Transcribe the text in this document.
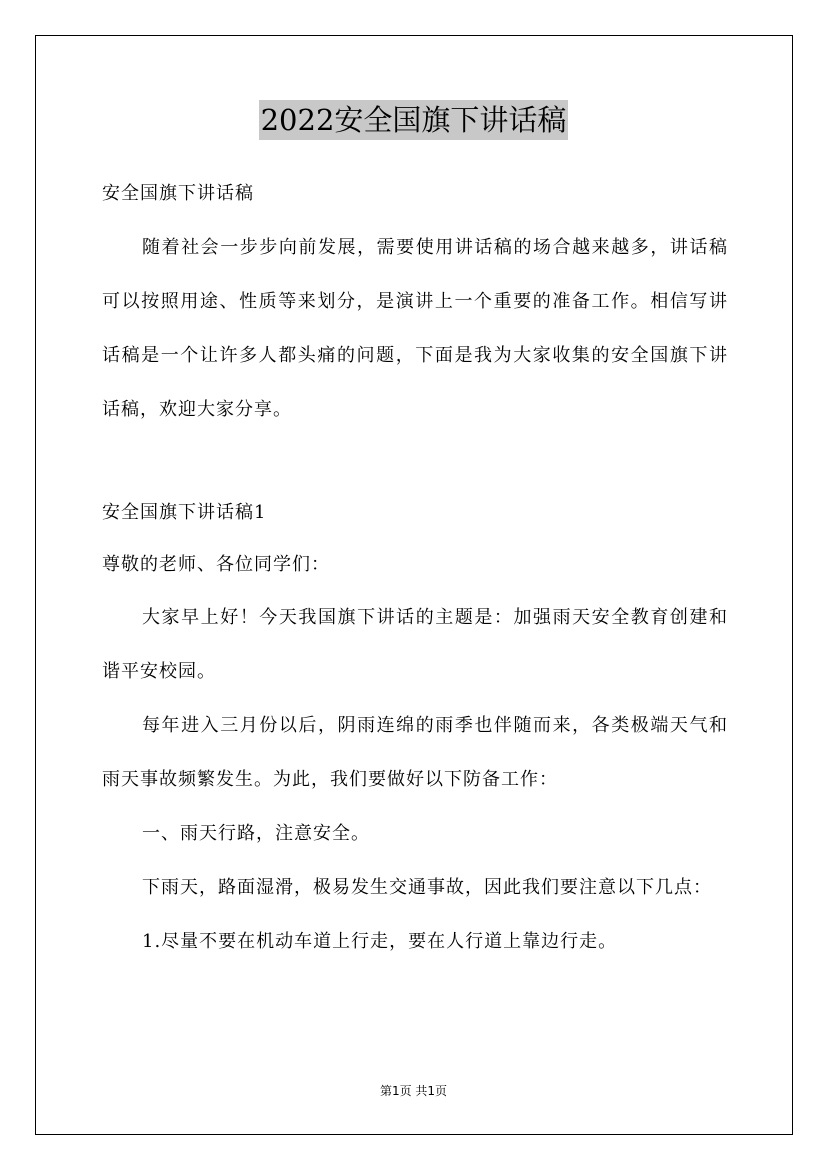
2022安全国旗下讲话稿

安全国旗下讲话稿

随着社会一步步向前发展，需要使用讲话稿的场合越来越多，讲话稿可以按照用途、性质等来划分，是演讲上一个重要的准备工作。相信写讲话稿是一个让许多人都头痛的问题，下面是我为大家收集的安全国旗下讲话稿，欢迎大家分享。

安全国旗下讲话稿1

尊敬的老师、各位同学们：

大家早上好！今天我国旗下讲话的主题是：加强雨天安全教育创建和谐平安校园。

每年进入三月份以后，阴雨连绵的雨季也伴随而来，各类极端天气和雨天事故频繁发生。为此，我们要做好以下防备工作：

一、雨天行路，注意安全。

下雨天，路面湿滑，极易发生交通事故，因此我们要注意以下几点：

1.尽量不要在机动车道上行走，要在人行道上靠边行走。

第1页 共1页
